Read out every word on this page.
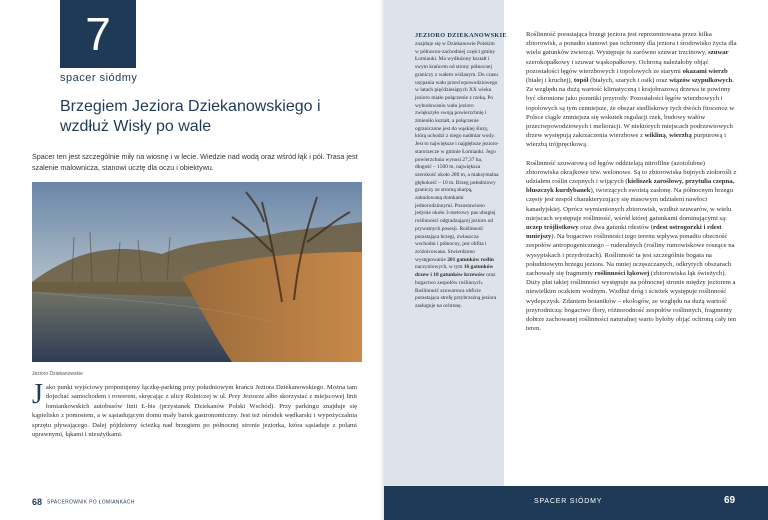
7
spacer siódmy
Brzegiem Jeziora Dziekanowskiego i wzdłuż Wisły po wale
Spacer ten jest szczególnie miły na wiosnę i w lecie. Wiedzie nad wodą oraz wśród łąk i pól. Trasa jest szalenie malownicza, stanowi ucztę dla oczu i obiektywu.
Jezioro Dziekanowskie
Jako punkt wyjściowy proponujemy łączkę-parking przy południowym krańcu Jeziora Dziekanowskiego. Można tam dojechać samochodem i rowerem, skręcając z ulicy Rolniczej w ul. Przy Jeziorze albo skorzystać z miejscowej linii łomiankowskich autobusów linii Ł-bis (przystanek Dziekanów Polski Wschód). Przy parkingu znajduje się kąpielisko z pomostem, a w sąsiadującym domu mały barek gastronomiczny. Jest też ośrodek wędkarski i wypożyczalnia sprzętu pływającego. Dalej pójdziemy ścieżką nad brzegiem po północnej stronie jeziorka, która sąsiaduje z polami uprawnymi, łąkami i nieużytkami.
68 SPACEROWNIK PO ŁOMIANKACH
JEZIORO DZIEKANOWSKIE
znajduje się w Dziekanowie Polskim w północno-zachodniej części gminy Łomianki. Ma wydłużony kształt i swym krańcem od strony północnej graniczy z wałem wiślanym. Do czasu usypania wału przeciwpowodziowego w latach pięćdziesiątych XX wieku jezioro miało połączenie z rzeką. Po wybudowaniu wału jezioro zwiększyło swoją powierzchnię i zmieniło kształt, a połączenie ograniczone jest do wąskiej śluzy, którą uchodzi z niego nadmiar wody. Jest to największe i najgłębsze jezioro-starorzecze w gminie Łomianki. Jego powierzchnia wynosi 27,37 ha, długość – 1500 m, największa szerokość około 280 m, a maksymalna głębokość – 10 m. Brzeg południowy graniczy ze stromą skarpą, zabudowaną domkami jednorodzinnymi. Pozostawiono jedynie około 3-metrowy pas ubogiej roślinności odgradzającej jezioro od prywatnych posesji. Roślinność porastająca brzegi, zwłaszcza wschodni i północny, jest obfita i zróżnicowana. Stwierdzono występowanie 201 gatunków roślin naczyniowych, w tym 16 gatunków drzew i 18 gatunków krzewów oraz bogactwo zespołów roślinnych. Roślinność szuwarowa obficie porastająca strefę przybrzeżną jeziora zasługuje na ochronę.

Roślinność porastająca brzegi jeziora jest reprezentowana przez kilka zbiorowisk, a ponadto stanowi pas ochronny dla jeziora i środowisko życia dla wielu gatunków zwierząt. Występuje tu zarówno szuwar trzcinowy, szuwar szerokopałkowy i szuwar wąskopałkowy. Ochroną należałoby objąć pozostałości łęgów wierzbowych i topolowych ze starymi okazami wierzb (białej i kruchej), topól (białych, szarych i osik) oraz wiązów szypułkowych. Ze względu na dużą wartość klimatyczną i krajobrazową drzewa te powinny być chronione jako pomniki przyrody. Pozostałości łęgów wierzbowych i topolowych są tym cenniejsze, że obszar siedliskowy tych dwóch fitocenoz w Polsce ciągle zmniejsza się wskutek regulacji rzek, budowy wałów przeciwpowodziowych i melioracji. W niektórych miejscach podrzewiowych drzew występują zakrzaczenia wierzbowe z wikliną, wierzbą purpurową i wierzbą trójpręcikową.

Roślinność szuwarową od łęgów oddzielają nitrofilne (azotolubne) zbiorowiska okrajkowe tzw. welonowe. Są to zbiorowiska bujnych ziołorośli z udziałem roślin czepnych i wijących (kieliszek zaroślowy, przytulia czepna, bluszczyk kurdybanek), tworzących swoistą zasłonę. Na północnym brzegu częsty jest zespół charakteryzujący się masowym udziałem nawłoci kanadyjskiej. Oprócz wymienionych zbiorowisk, wzdłuż szuwarów, w wielu miejscach występuje roślinność, wśród której gatunkami dominującymi są: uczep trójlistkowy oraz dwa gatunki rdestów (rdest ostrogorzki i rdest mniejszy). Na bogactwo roślinności tego terenu wpływa ponadto obecność zespołów antropogenicznego – ruderalnych (rośliny rumowiskowe rosnące na wysypiskach i przydrożach). Roślinność ta jest szczególnie bogata na południowym brzegu jeziora. Na mniej uczęszczanych, odkrytych obszarach zachowały się fragmenty roślinności łąkowej (zbiorowiska łąk świeżych). Duży płat takiej roślinności występuje na północnej stronie między jeziorem a niewielkim oczkiem wodnym. Wzdłuż dróg i ścieżek występuje roślinność wydepczysk. Zdaniem botaników – ekologów, ze względu na dużą wartość przyrodniczą: bogactwo flory, różnorodność zespołów roślinnych, fragmenty dobrze zachowanej roślinności naturalnej warto byłoby objąć ochroną cały ten teren.

SPACER SIÓDMY	69
